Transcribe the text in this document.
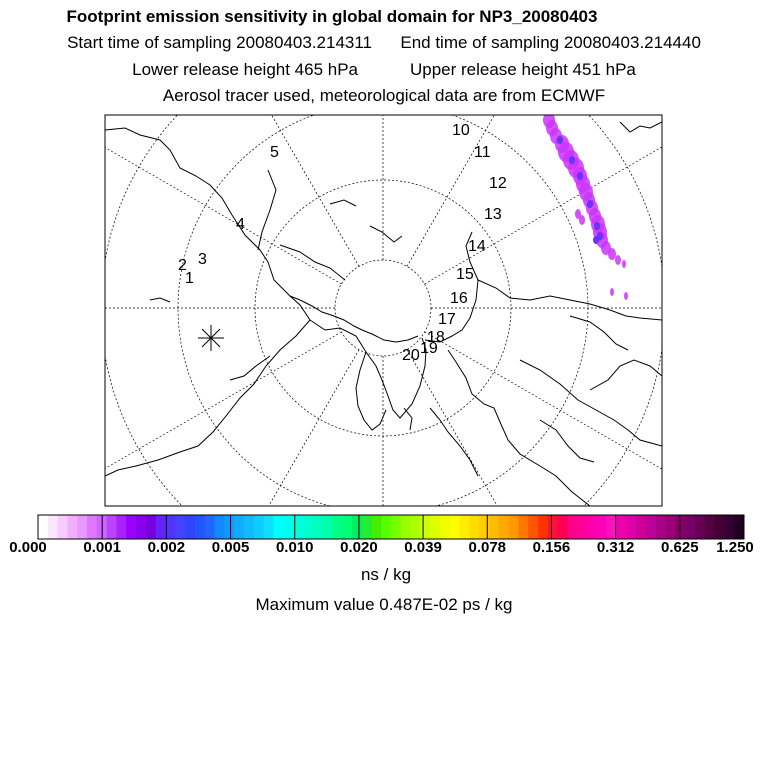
Footprint emission sensitivity in global domain for NP3_20080403
Start time of sampling 20080403.214311 End time of sampling 20080403.214440
Lower release height 465 hPa	Upper release height 451 hPa
Aerosol tracer used, meteorological data are from ECMWF
1
2 3
4
5
10
11
12
13
14
15
16
17
18
19
20
0.000	0.001	0.002	0.005	0.010	0.020	0.039	0.078	0.156	0.312	0.625	1.250
ns / kg
Maximum value 0.487E-02 ps / kg
